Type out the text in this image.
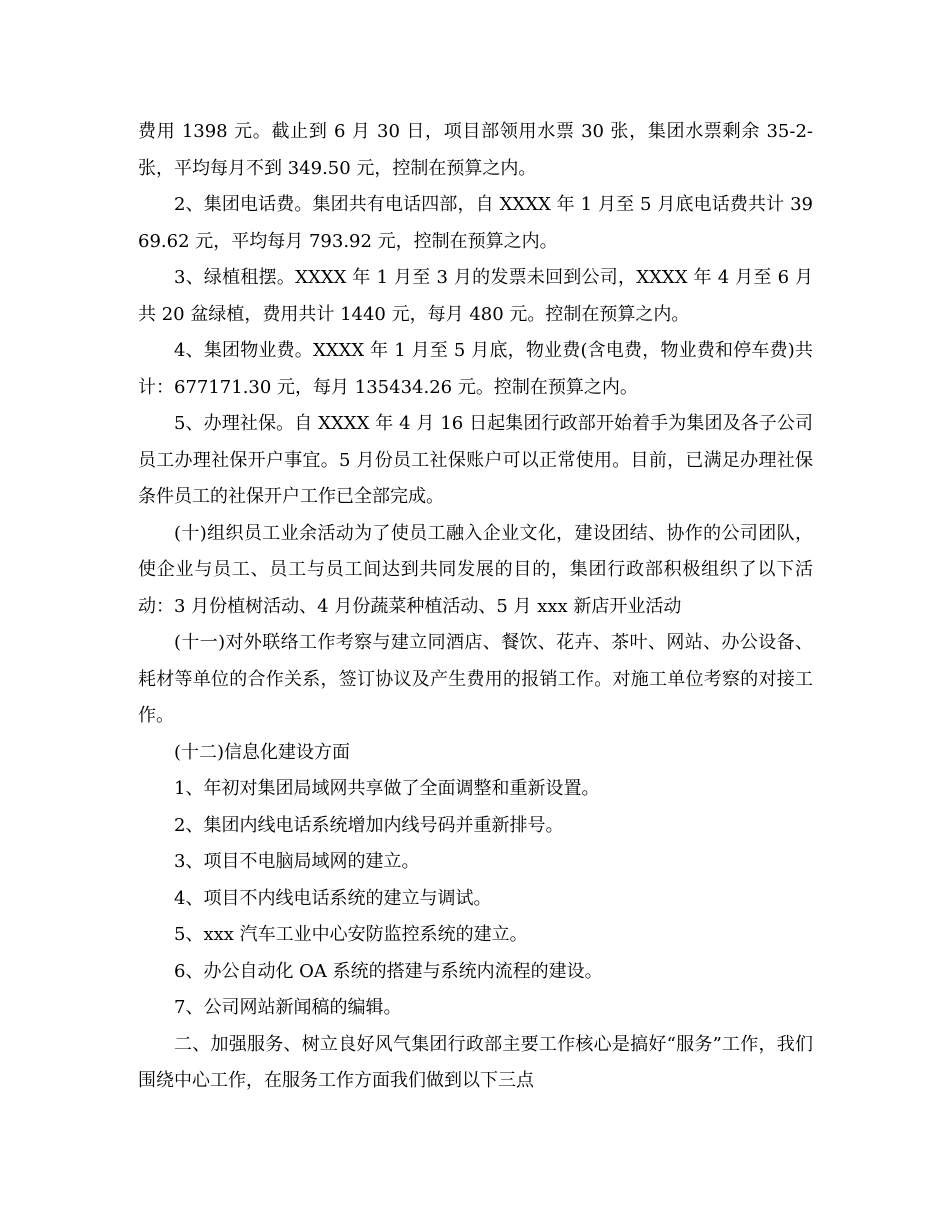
费用 1398 元。截止到 6 月 30 日，项目部领用水票 30 张，集团水票剩余 35-2-张，平均每月不到 349.50 元，控制在预算之内。

2、集团电话费。集团共有电话四部，自 XXXX 年 1 月至 5 月底电话费共计 3969.62 元，平均每月 793.92 元，控制在预算之内。

3、绿植租摆。XXXX 年 1 月至 3 月的发票未回到公司，XXXX 年 4 月至 6 月共 20 盆绿植，费用共计 1440 元，每月 480 元。控制在预算之内。

4、集团物业费。XXXX 年 1 月至 5 月底，物业费(含电费，物业费和停车费)共计：677171.30 元，每月 135434.26 元。控制在预算之内。

5、办理社保。自 XXXX 年 4 月 16 日起集团行政部开始着手为集团及各子公司员工办理社保开户事宜。5 月份员工社保账户可以正常使用。目前，已满足办理社保条件员工的社保开户工作已全部完成。

(十)组织员工业余活动为了使员工融入企业文化，建设团结、协作的公司团队，使企业与员工、员工与员工间达到共同发展的目的，集团行政部积极组织了以下活动：3 月份植树活动、4 月份蔬菜种植活动、5 月 xxx 新店开业活动

(十一)对外联络工作考察与建立同酒店、餐饮、花卉、茶叶、网站、办公设备、耗材等单位的合作关系，签订协议及产生费用的报销工作。对施工单位考察的对接工作。

(十二)信息化建设方面

1、年初对集团局域网共享做了全面调整和重新设置。

2、集团内线电话系统增加内线号码并重新排号。

3、项目不电脑局域网的建立。

4、项目不内线电话系统的建立与调试。

5、xxx 汽车工业中心安防监控系统的建立。

6、办公自动化 OA 系统的搭建与系统内流程的建设。

7、公司网站新闻稿的编辑。

二、加强服务、树立良好风气集团行政部主要工作核心是搞好“服务”工作，我们围绕中心工作，在服务工作方面我们做到以下三点
